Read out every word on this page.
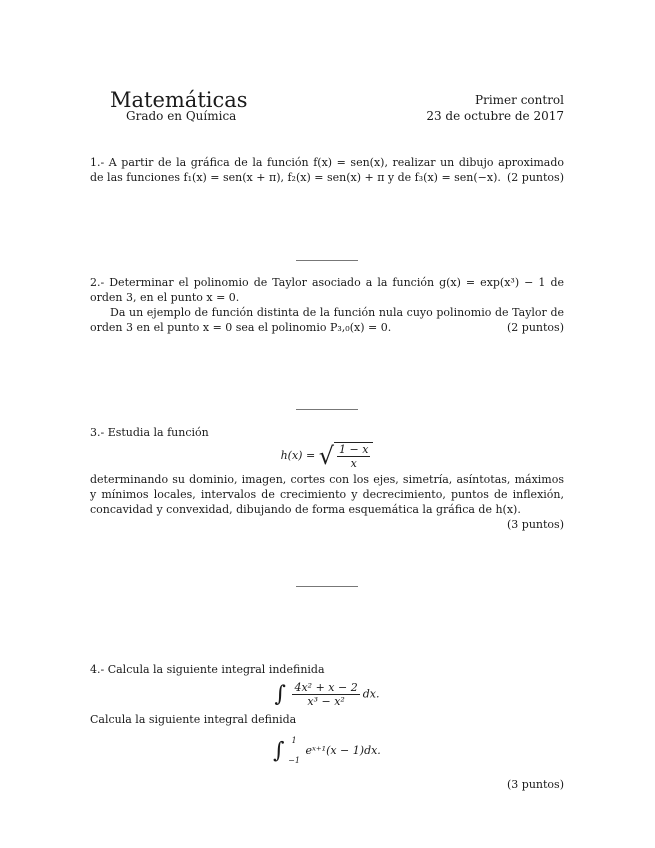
Matemáticas
Grado en Química
Primer control
23 de octubre de 2017

1.- A partir de la gráfica de la función f(x) = sen(x), realizar un dibujo aproximado de las funciones f₁(x) = sen(x + π), f₂(x) = sen(x) + π y de f₃(x) = sen(−x). (2 puntos)

2.- Determinar el polinomio de Taylor asociado a la función g(x) = exp(x³) − 1 de orden 3, en el punto x = 0.

Da un ejemplo de función distinta de la función nula cuyo polinomio de Taylor de orden 3 en el punto x = 0 sea el polinomio P₃,₀(x) = 0.	(2 puntos)

3.- Estudia la función

h(x) = √ $\frac{1 - x}{x}$

determinando su dominio, imagen, cortes con los ejes, simetría, asíntotas, máximos y mínimos locales, intervalos de crecimiento y decrecimiento, puntos de inflexión, concavidad y convexidad, dibujando de forma esquemática la gráfica de h(x).
(3 puntos)

4.- Calcula la siguiente integral indefinida

∫ $\frac{\text{4x² + x − 2}}{\text{x³ − x²}}$ dx.

Calcula la siguiente integral definida

∫ 1
−1
eˣ⁺¹(x − 1)dx.

(3 puntos)
